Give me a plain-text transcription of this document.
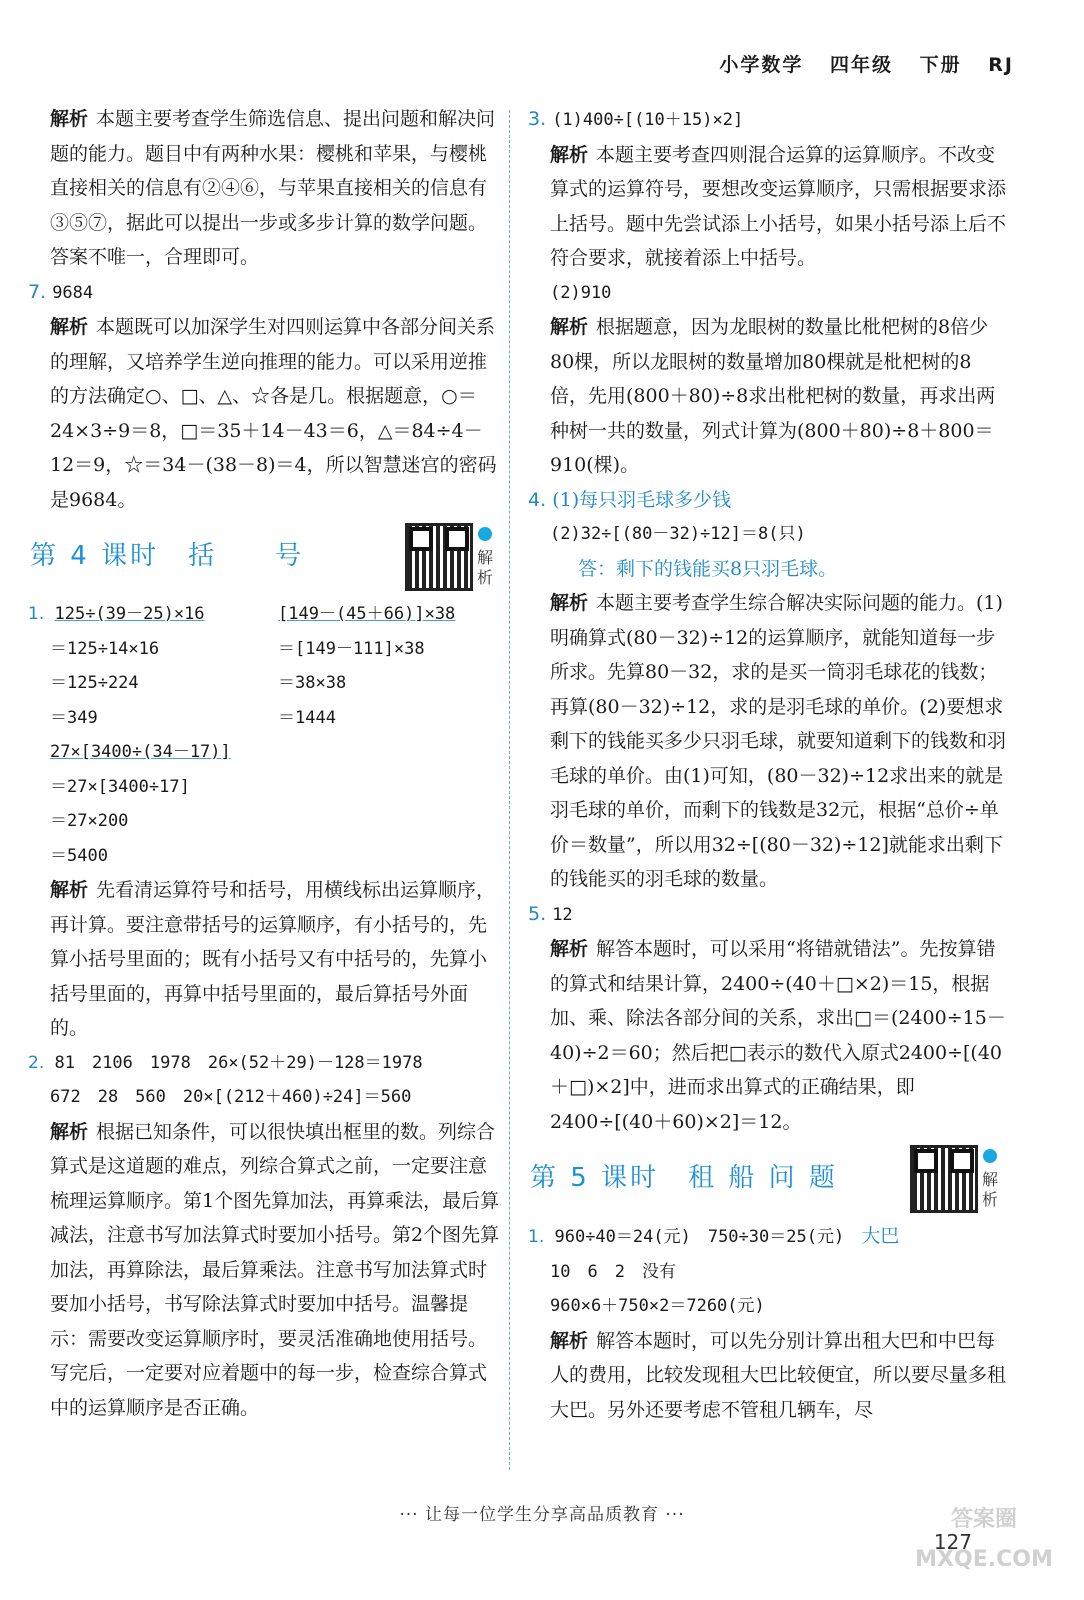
小学数学 四年级 下册 RJ

解析 本题主要考查学生筛选信息、提出问题和解决问题的能力。题目中有两种水果：樱桃和苹果，与樱桃直接相关的信息有②④⑥，与苹果直接相关的信息有③⑤⑦，据此可以提出一步或多步计算的数学问题。答案不唯一，合理即可。

7. 9684

解析 本题既可以加深学生对四则运算中各部分间关系的理解，又培养学生逆向推理的能力。可以采用逆推的方法确定○、□、△、☆各是几。根据题意，○＝24×3÷9＝8，□＝35＋14－43＝6，△＝84÷4－12＝9，☆＝34－(38－8)＝4，所以智慧迷宫的密码是9684。

第 4 课时　括　　号	解析
1. 125÷(39－25)×16
＝125÷14×16
＝125÷224
＝349
[149－(45＋66)]×38
＝[149－111]×38
＝38×38
＝1444
27×[3400÷(34－17)]
＝27×[3400÷17]
＝27×200
＝5400

解析 先看清运算符号和括号，用横线标出运算顺序，再计算。要注意带括号的运算顺序，有小括号的，先算小括号里面的；既有小括号又有中括号的，先算小括号里面的，再算中括号里面的，最后算括号外面的。

2. 81　2106　1978　26×(52＋29)－128＝1978
672　28　560　20×[(212＋460)÷24]＝560

解析 根据已知条件，可以很快填出框里的数。列综合算式是这道题的难点，列综合算式之前，一定要注意梳理运算顺序。第1个图先算加法，再算乘法，最后算减法，注意书写加法算式时要加小括号。第2个图先算加法，再算除法，最后算乘法。注意书写加法算式时要加小括号，书写除法算式时要加中括号。温馨提示：需要改变运算顺序时，要灵活准确地使用括号。写完后，一定要对应着题中的每一步，检查综合算式中的运算顺序是否正确。

3. (1)400÷[(10＋15)×2]

解析 本题主要考查四则混合运算的运算顺序。不改变算式的运算符号，要想改变运算顺序，只需根据要求添上括号。题中先尝试添上小括号，如果小括号添上后不符合要求，就接着添上中括号。

(2)910

解析 根据题意，因为龙眼树的数量比枇杷树的8倍少80棵，所以龙眼树的数量增加80棵就是枇杷树的8倍，先用(800＋80)÷8求出枇杷树的数量，再求出两种树一共的数量，列式计算为(800＋80)÷8＋800＝910(棵)。

4. (1)每只羽毛球多少钱

(2)32÷[(80－32)÷12]＝8(只)

答：剩下的钱能买8只羽毛球。

解析 本题主要考查学生综合解决实际问题的能力。(1)明确算式(80－32)÷12的运算顺序，就能知道每一步所求。先算80－32，求的是买一筒羽毛球花的钱数；再算(80－32)÷12，求的是羽毛球的单价。(2)要想求剩下的钱能买多少只羽毛球，就要知道剩下的钱数和羽毛球的单价。由(1)可知，(80－32)÷12求出来的就是羽毛球的单价，而剩下的钱数是32元，根据“总价÷单价＝数量”，所以用32÷[(80－32)÷12]就能求出剩下的钱能买的羽毛球的数量。

5. 12

解析 解答本题时，可以采用“将错就错法”。先按算错的算式和结果计算，2400÷(40＋□×2)＝15，根据加、乘、除法各部分间的关系，求出□＝(2400÷15－40)÷2＝60；然后把□表示的数代入原式2400÷[(40＋□)×2]中，进而求出算式的正确结果，即2400÷[(40＋60)×2]＝12。

第 5 课时　租 船 问 题	解析
1. 960÷40＝24(元)　750÷30＝25(元)　 大巴
10　6　2　没有
960×6＋750×2＝7260(元)

解析 解答本题时，可以先分别计算出租大巴和中巴每人的费用，比较发现租大巴比较便宜，所以要尽量多租大巴。另外还要考虑不管租几辆车，尽

··· 让每一位学生分享高品质教育 ···
127
答案圈 MXQE.COM
